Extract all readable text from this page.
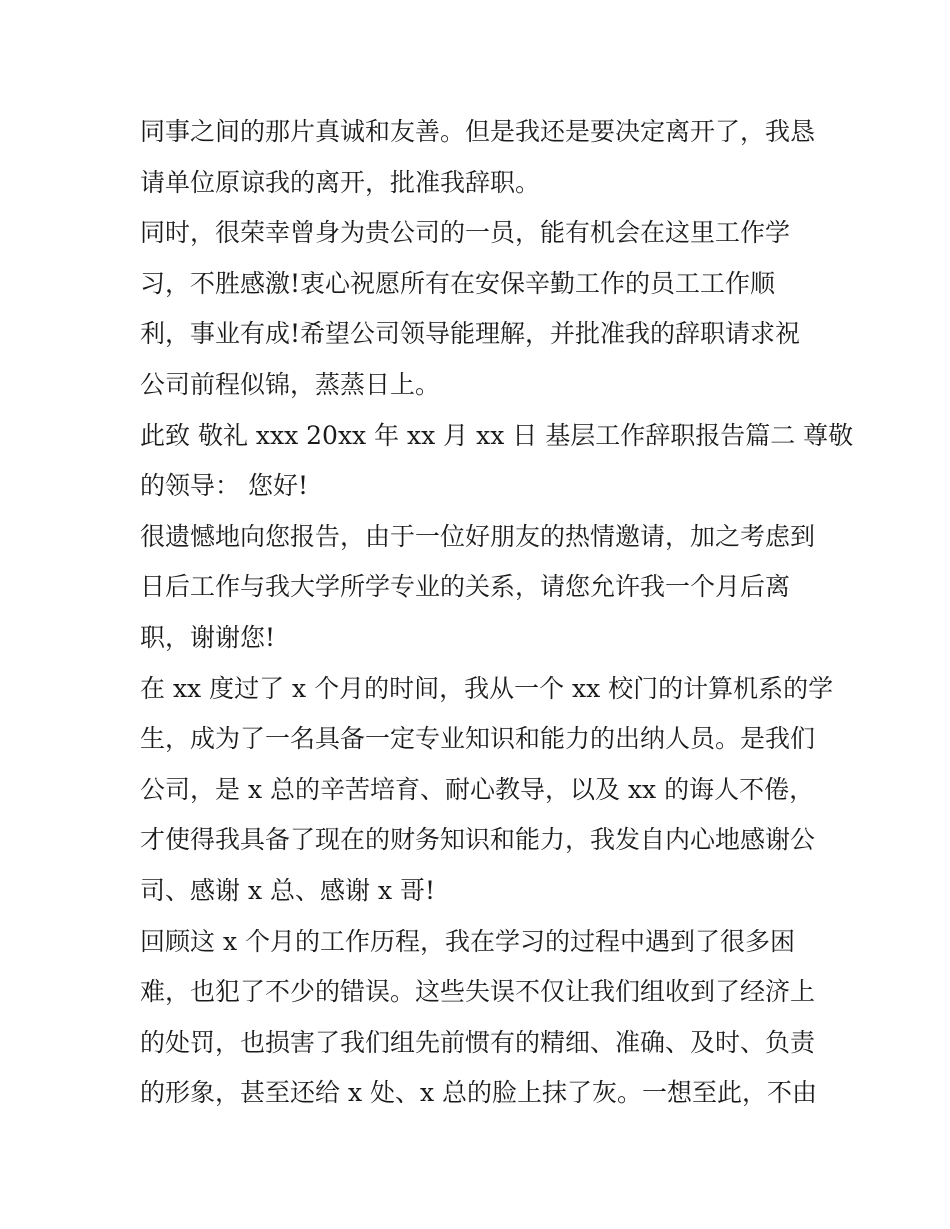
同事之间的那片真诚和友善。但是我还是要决定离开了，我恳
请单位原谅我的离开，批准我辞职。
同时，很荣幸曾身为贵公司的一员，能有机会在这里工作学
习，不胜感激!衷心祝愿所有在安保辛勤工作的员工工作顺
利，事业有成!希望公司领导能理解，并批准我的辞职请求祝
公司前程似锦，蒸蒸日上。
此致 敬礼 xxx 20xx 年 xx 月 xx 日 基层工作辞职报告篇二 尊敬
的领导： 您好!
很遗憾地向您报告，由于一位好朋友的热情邀请，加之考虑到
日后工作与我大学所学专业的关系，请您允许我一个月后离
职，谢谢您!
在 xx 度过了 x 个月的时间，我从一个 xx 校门的计算机系的学
生，成为了一名具备一定专业知识和能力的出纳人员。是我们
公司，是 x 总的辛苦培育、耐心教导，以及 xx 的诲人不倦，
才使得我具备了现在的财务知识和能力，我发自内心地感谢公
司、感谢 x 总、感谢 x 哥!
回顾这 x 个月的工作历程，我在学习的过程中遇到了很多困
难，也犯了不少的错误。这些失误不仅让我们组收到了经济上
的处罚，也损害了我们组先前惯有的精细、准确、及时、负责
的形象，甚至还给 x 处、x 总的脸上抹了灰。一想至此，不由
